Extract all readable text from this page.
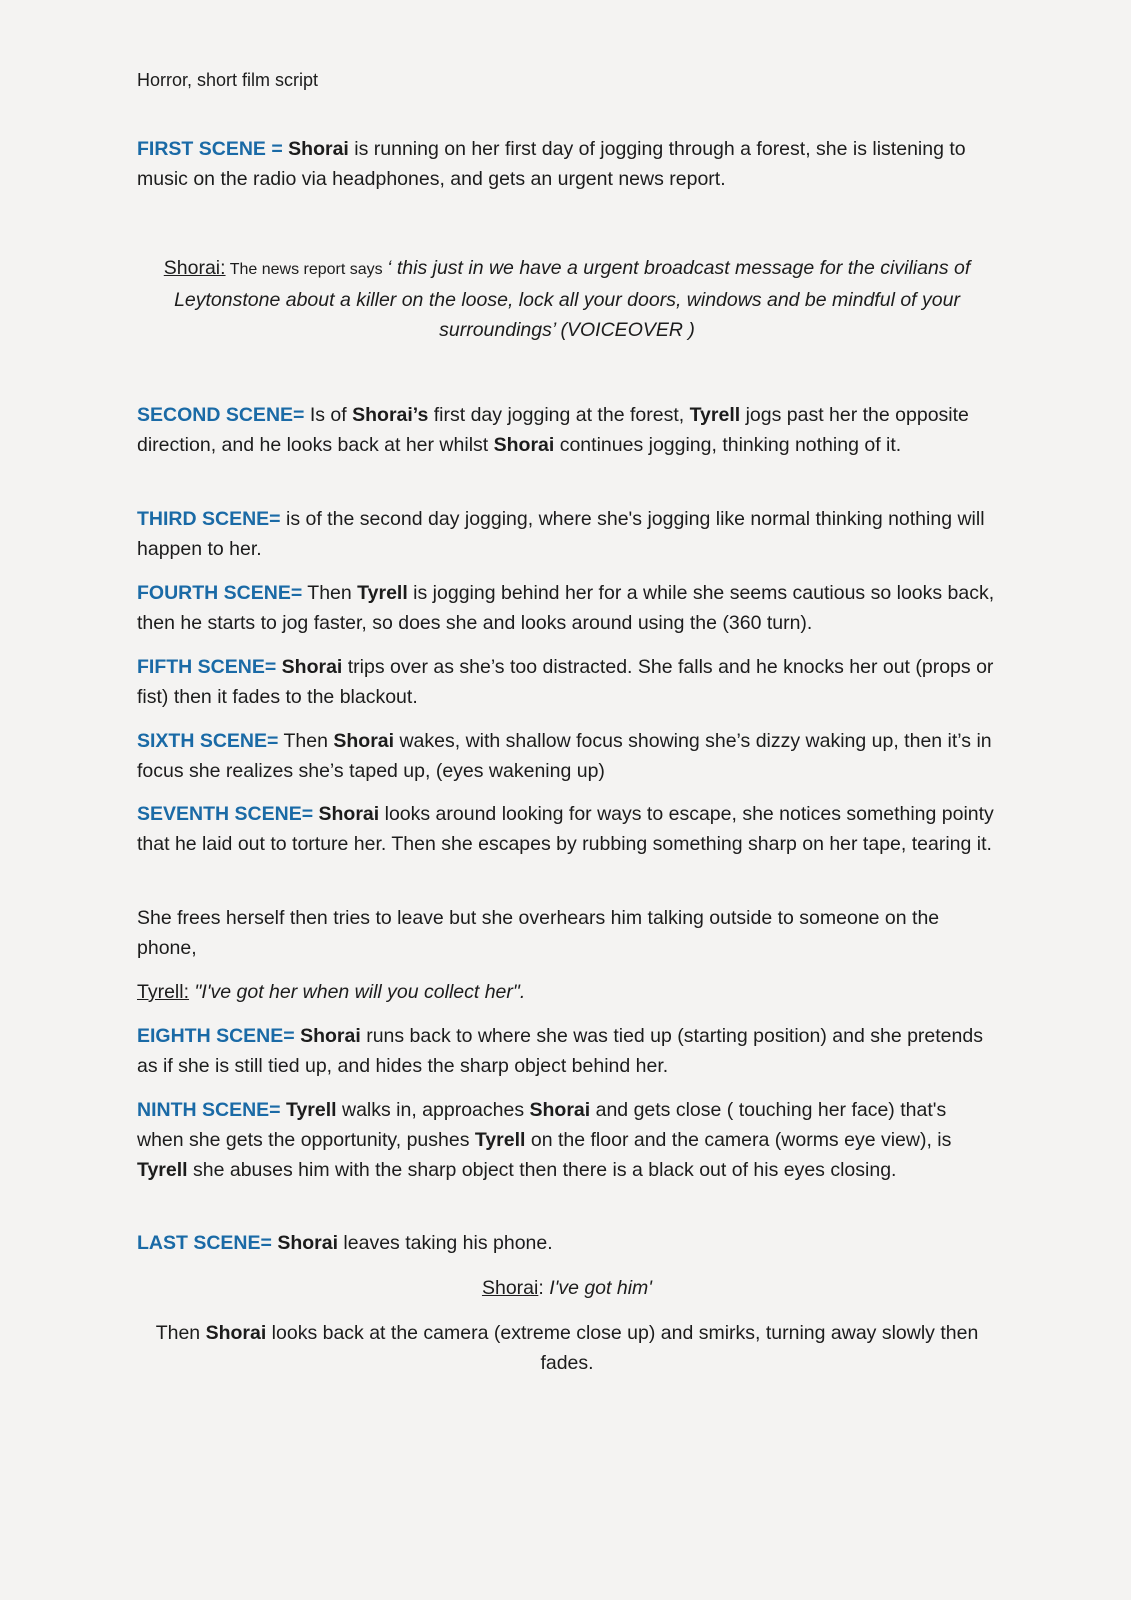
Horror, short film script

FIRST SCENE = Shorai is running on her first day of jogging through a forest, she is listening to music on the radio via headphones, and gets an urgent news report.

Shorai: The news report says ‘ this just in we have a urgent broadcast message for the civilians of Leytonstone about a killer on the loose, lock all your doors, windows and be mindful of your surroundings’ (VOICEOVER )

SECOND SCENE= Is of Shorai’s first day jogging at the forest, Tyrell jogs past her the opposite direction, and he looks back at her whilst Shorai continues jogging, thinking nothing of it.

THIRD SCENE= is of the second day jogging, where she's jogging like normal thinking nothing will happen to her.

FOURTH SCENE= Then Tyrell is jogging behind her for a while she seems cautious so looks back, then he starts to jog faster, so does she and looks around using the (360 turn).

FIFTH SCENE= Shorai trips over as she’s too distracted. She falls and he knocks her out (props or fist) then it fades to the blackout.

SIXTH SCENE= Then Shorai wakes, with shallow focus showing she’s dizzy waking up, then it’s in focus she realizes she’s taped up, (eyes wakening up)

SEVENTH SCENE= Shorai looks around looking for ways to escape, she notices something pointy that he laid out to torture her. Then she escapes by rubbing something sharp on her tape, tearing it.

She frees herself then tries to leave but she overhears him talking outside to someone on the phone,

Tyrell: "I've got her when will you collect her".

EIGHTH SCENE= Shorai runs back to where she was tied up (starting position) and she pretends as if she is still tied up, and hides the sharp object behind her.

NINTH SCENE= Tyrell walks in, approaches Shorai and gets close ( touching her face) that's when she gets the opportunity, pushes Tyrell on the floor and the camera (worms eye view), is Tyrell she abuses him with the sharp object then there is a black out of his eyes closing.

LAST SCENE= Shorai leaves taking his phone.

Shorai: I've got him'

Then Shorai looks back at the camera (extreme close up) and smirks, turning away slowly then fades.
